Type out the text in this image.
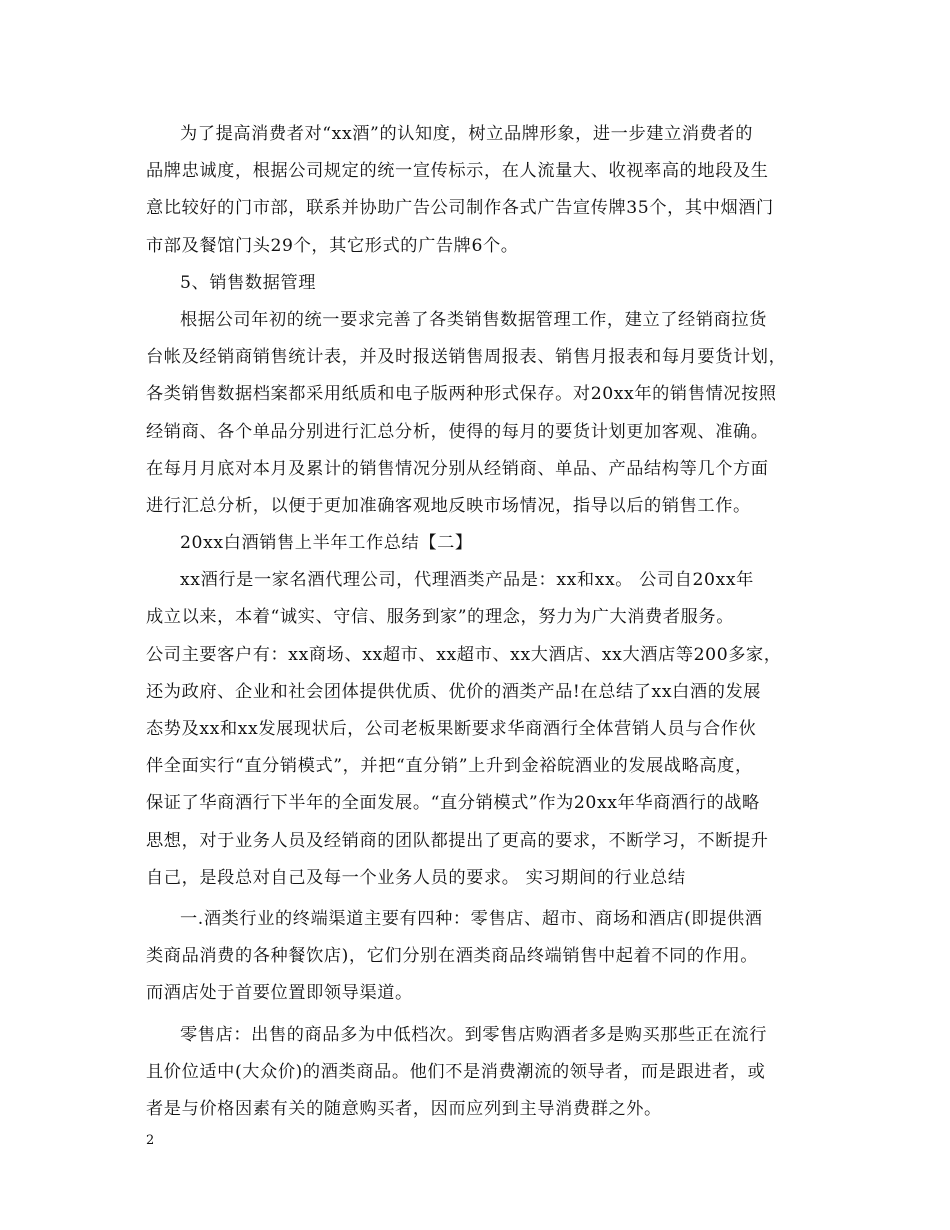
为了提高消费者对“xx酒”的认知度，树立品牌形象，进一步建立消费者的
品牌忠诚度，根据公司规定的统一宣传标示，在人流量大、收视率高的地段及生
意比较好的门市部，联系并协助广告公司制作各式广告宣传牌35个，其中烟酒门
市部及餐馆门头29个，其它形式的广告牌6个。
5、销售数据管理
根据公司年初的统一要求完善了各类销售数据管理工作，建立了经销商拉货
台帐及经销商销售统计表，并及时报送销售周报表、销售月报表和每月要货计划，
各类销售数据档案都采用纸质和电子版两种形式保存。对20xx年的销售情况按照
经销商、各个单品分别进行汇总分析，使得的每月的要货计划更加客观、准确。
在每月月底对本月及累计的销售情况分别从经销商、单品、产品结构等几个方面
进行汇总分析，以便于更加准确客观地反映市场情况，指导以后的销售工作。
20xx白酒销售上半年工作总结【二】
xx酒行是一家名酒代理公司，代理酒类产品是：xx和xx。 公司自20xx年
成立以来，本着“诚实、守信、服务到家”的理念，努力为广大消费者服务。
公司主要客户有：xx商场、xx超市、xx超市、xx大酒店、xx大酒店等200多家，
还为政府、企业和社会团体提供优质、优价的酒类产品!在总结了xx白酒的发展
态势及xx和xx发展现状后，公司老板果断要求华商酒行全体营销人员与合作伙
伴全面实行“直分销模式”，并把“直分销”上升到金裕皖酒业的发展战略高度，
保证了华商酒行下半年的全面发展。“直分销模式”作为20xx年华商酒行的战略
思想，对于业务人员及经销商的团队都提出了更高的要求，不断学习，不断提升
自己，是段总对自己及每一个业务人员的要求。 实习期间的行业总结
一.酒类行业的终端渠道主要有四种：零售店、超市、商场和酒店(即提供酒
类商品消费的各种餐饮店)，它们分别在酒类商品终端销售中起着不同的作用。
而酒店处于首要位置即领导渠道。
零售店：出售的商品多为中低档次。到零售店购酒者多是购买那些正在流行
且价位适中(大众价)的酒类商品。他们不是消费潮流的领导者，而是跟进者，或
者是与价格因素有关的随意购买者，因而应列到主导消费群之外。
2
